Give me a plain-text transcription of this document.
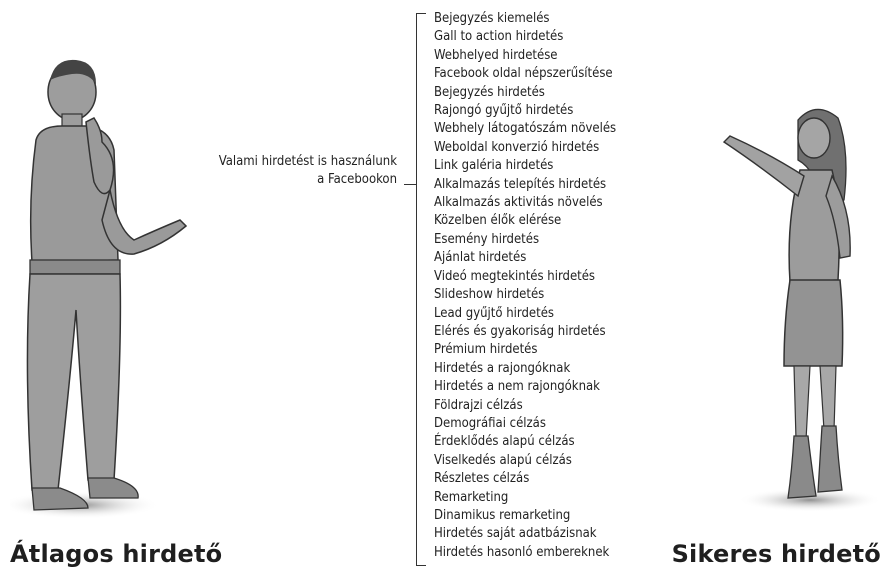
Valami hirdetést is használunk
a Facebookon
Bejegyzés kiemelés
Gall to action hirdetés
Webhelyed hirdetése
Facebook oldal népszerűsítése
Bejegyzés hirdetés
Rajongó gyűjtő hirdetés
Webhely látogatószám növelés
Weboldal konverzió hirdetés
Link galéria hirdetés
Alkalmazás telepítés hirdetés
Alkalmazás aktivitás növelés
Közelben élők elérése
Esemény hirdetés
Ajánlat hirdetés
Videó megtekintés hirdetés
Slideshow hirdetés
Lead gyűjtő hirdetés
Elérés és gyakoriság hirdetés
Prémium hirdetés
Hirdetés a rajongóknak
Hirdetés a nem rajongóknak
Földrajzi célzás
Demográfiai célzás
Érdeklődés alapú célzás
Viselkedés alapú célzás
Részletes célzás
Remarketing
Dinamikus remarketing
Hirdetés saját adatbázisnak
Hirdetés hasonló embereknek
Átlagos hirdető	Sikeres hirdető
